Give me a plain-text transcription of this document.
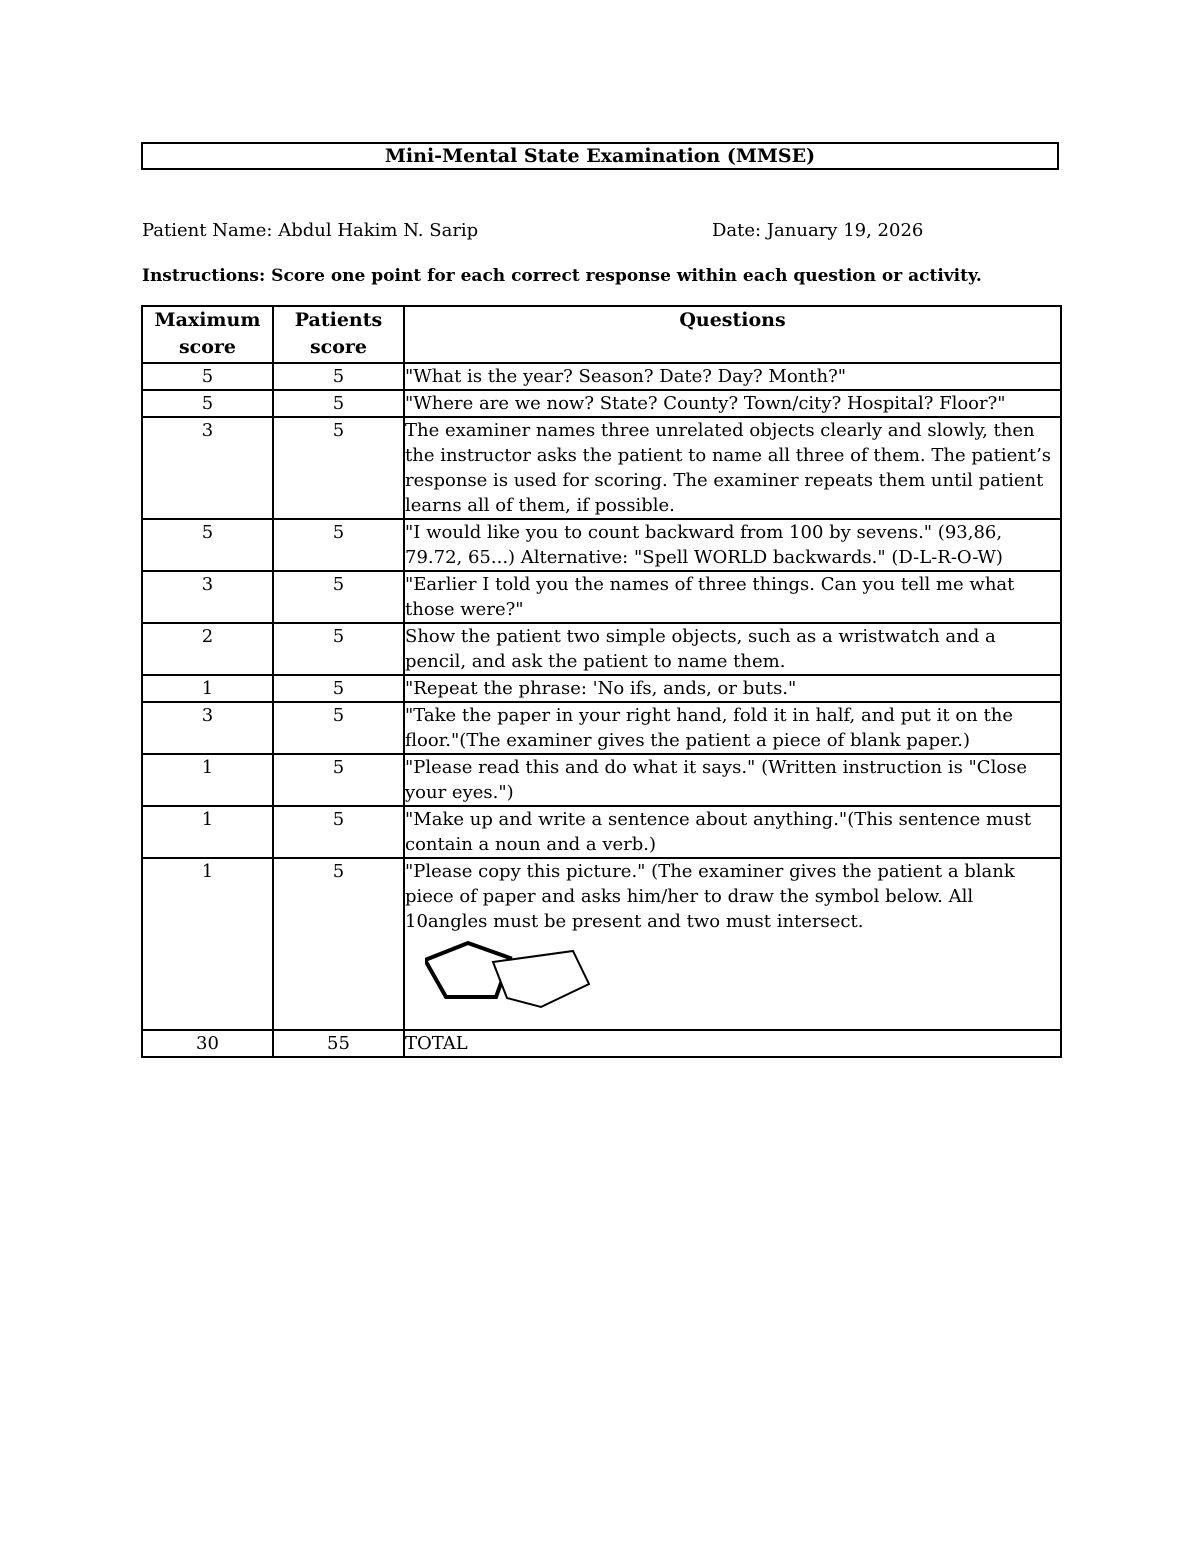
Mini-Mental State Examination (MMSE)
Patient Name: Abdul Hakim N. Sarip	Date: January 19, 2026
Instructions: Score one point for each correct response within each question or activity.
Maximum score	Patients score	Questions
5	5	"What is the year? Season? Date? Day? Month?"
5	5	"Where are we now? State? County? Town/city? Hospital? Floor?"
3	5	The examiner names three unrelated objects clearly and slowly, then the instructor asks the patient to name all three of them. The patient’s response is used for scoring. The examiner repeats them until patient learns all of them, if possible.
5	5	"I would like you to count backward from 100 by sevens." (93,86, 79.72, 65...) Alternative: "Spell WORLD backwards." (D-L-R-O-W)
3	5	"Earlier I told you the names of three things. Can you tell me what those were?"
2	5	Show the patient two simple objects, such as a wristwatch and a pencil, and ask the patient to name them.
1	5	"Repeat the phrase: 'No ifs, ands, or buts."
3	5	"Take the paper in your right hand, fold it in half, and put it on the floor."(The examiner gives the patient a piece of blank paper.)
1	5	"Please read this and do what it says." (Written instruction is "Close your eyes.")
1	5	"Make up and write a sentence about anything."(This sentence must contain a noun and a verb.)
1	5	"Please copy this picture." (The examiner gives the patient a blank piece of paper and asks him/her to draw the symbol below. All 10angles must be present and two must intersect.

30	55	TOTAL
